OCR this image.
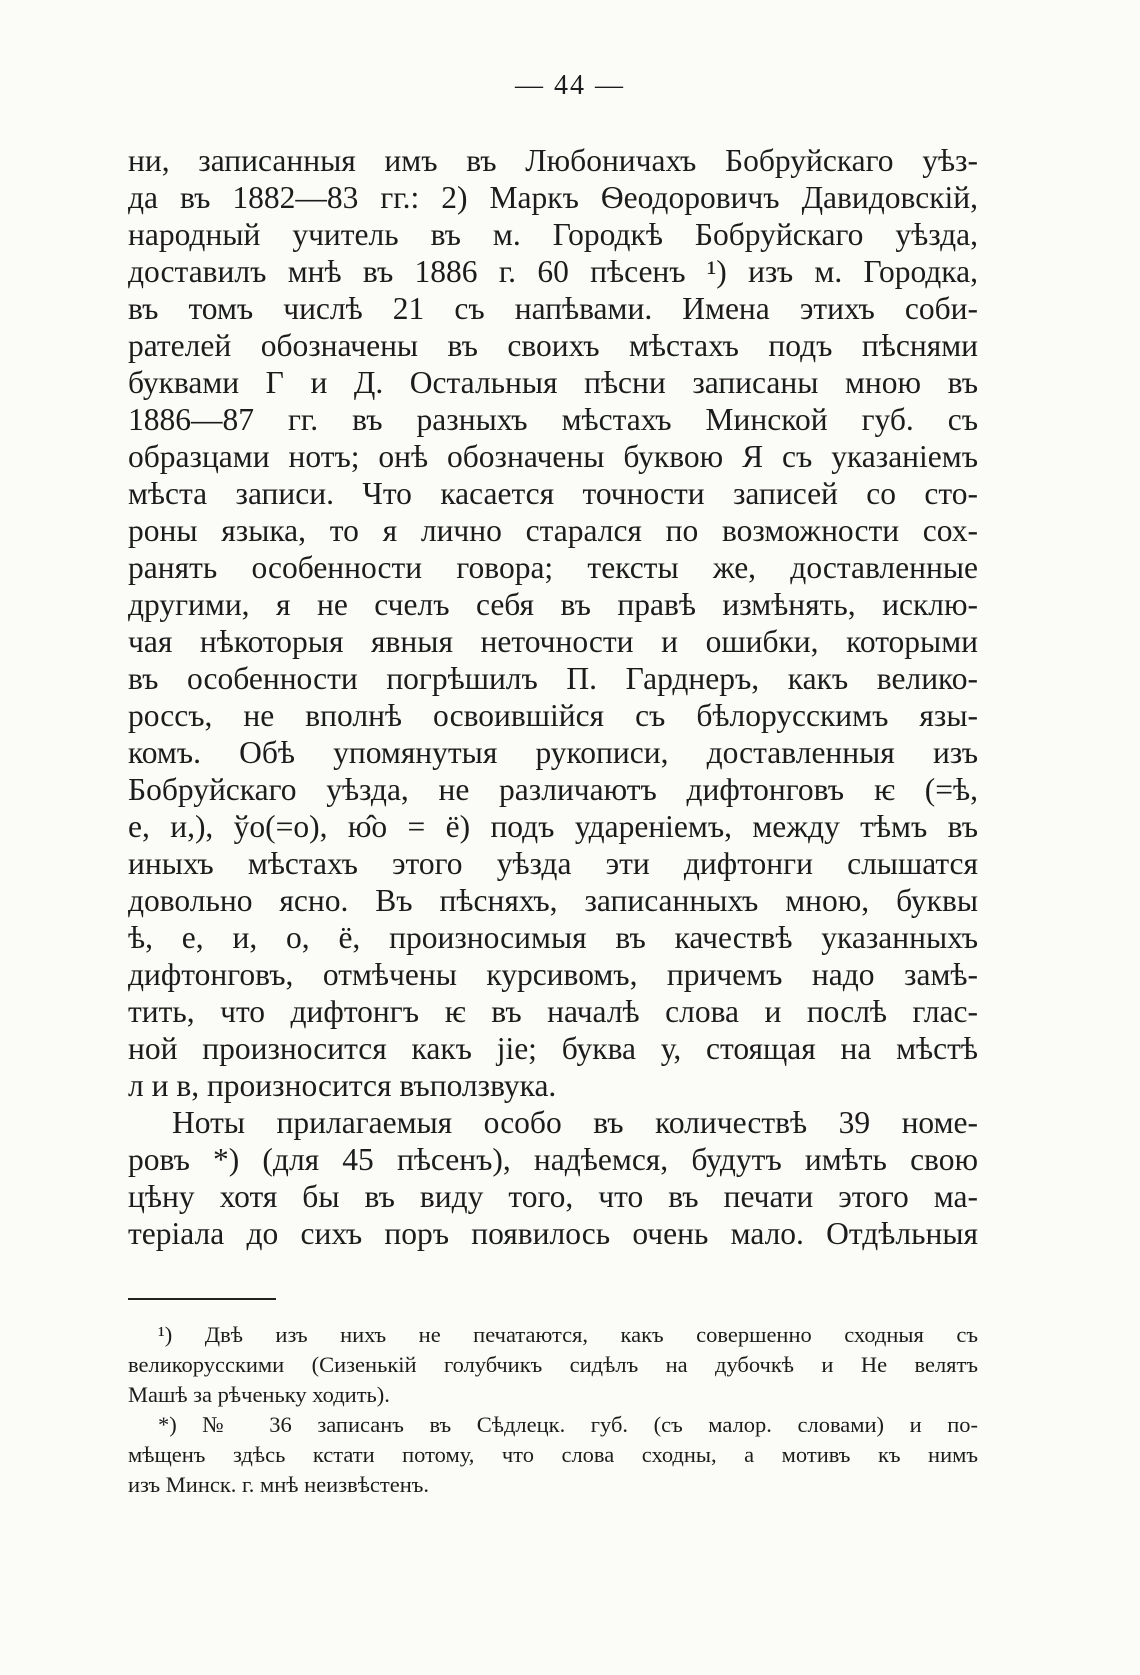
— 44 —
ни, записанныя имъ въ Любоничахъ Бобруйскаго уѣз-
да въ 1882—83 гг.: 2) Маркъ Ѳеодоровичъ Давидовскій,
народный учитель въ м. Городкѣ Бобруйскаго уѣзда,
доставилъ мнѣ въ 1886 г. 60 пѣсенъ ¹) изъ м. Городка,
въ томъ числѣ 21 съ напѣвами. Имена этихъ соби-
рателей обозначены въ своихъ мѣстахъ подъ пѣснями
буквами Г и Д. Остальныя пѣсни записаны мною въ
1886—87 гг. въ разныхъ мѣстахъ Минской губ. съ
образцами нотъ; онѣ обозначены буквою Я съ указаніемъ
мѣста записи. Что касается точности записей со сто-
роны языка, то я лично старался по возможности сох-
ранять особенности говора; тексты же, доставленные
другими, я не счелъ себя въ правѣ измѣнять, исклю-
чая нѣкоторыя явныя неточности и ошибки, которыми
въ особенности погрѣшилъ П. Гарднеръ, какъ велико-
россъ, не вполнѣ освоившійся съ бѣлорусскимъ язы-
комъ. Обѣ упомянутыя рукописи, доставленныя изъ
Бобруйскаго уѣзда, не различаютъ дифтонговъ ѥ (=ѣ,
е, и,), ўо(=о), ю̂о = ё) подъ удареніемъ, между тѣмъ въ
иныхъ мѣстахъ этого уѣзда эти дифтонги слышатся
довольно ясно. Въ пѣсняхъ, записанныхъ мною, буквы
ѣ, е, и, о, ё, произносимыя въ качествѣ указанныхъ
дифтонговъ, отмѣчены курсивомъ, причемъ надо замѣ-
тить, что дифтонгъ ѥ въ началѣ слова и послѣ глас-
ной произносится какъ jie; буква у, стоящая на мѣстѣ
л и в, произносится въползвука.
Ноты прилагаемыя особо въ количествѣ 39 номе-
ровъ *) (для 45 пѣсенъ), надѣемся, будутъ имѣть свою
цѣну хотя бы въ виду того, что въ печати этого ма-
теріала до сихъ поръ появилось очень мало. Отдѣльныя
¹) Двѣ изъ нихъ не печатаются, какъ совершенно сходныя съ
великорусскими (Сизенькій голубчикъ сидѣлъ на дубочкѣ и Не велятъ
Машѣ за рѣченьку ходить).
*) № 36 записанъ въ Сѣдлецк. губ. (съ малор. словами) и по-
мѣщенъ здѣсь кстати потому, что слова сходны, а мотивъ къ нимъ
изъ Минск. г. мнѣ неизвѣстенъ.
